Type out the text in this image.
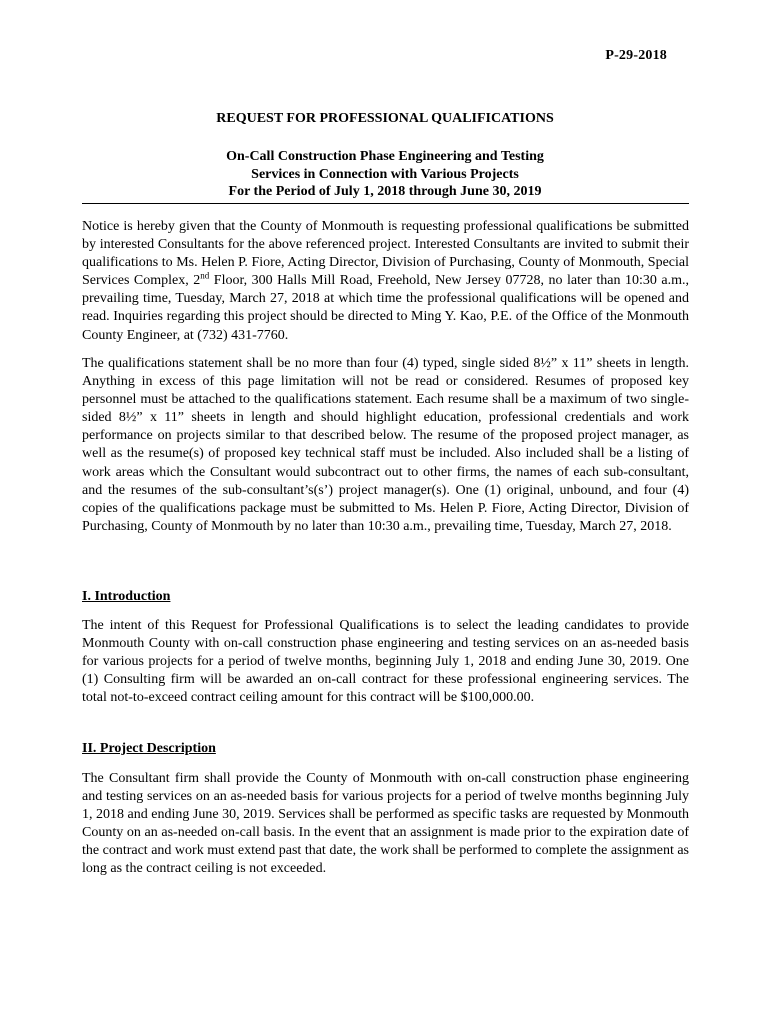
P-29-2018
REQUEST FOR PROFESSIONAL QUALIFICATIONS
On-Call Construction Phase Engineering and Testing
Services in Connection with Various Projects
For the Period of July 1, 2018 through June 30, 2019
Notice is hereby given that the County of Monmouth is requesting professional qualifications be submitted by interested Consultants for the above referenced project. Interested Consultants are invited to submit their qualifications to Ms. Helen P. Fiore, Acting Director, Division of Purchasing, County of Monmouth, Special Services Complex, 2nd Floor, 300 Halls Mill Road, Freehold, New Jersey 07728, no later than 10:30 a.m., prevailing time, Tuesday, March 27, 2018 at which time the professional qualifications will be opened and read. Inquiries regarding this project should be directed to Ming Y. Kao, P.E. of the Office of the Monmouth County Engineer, at (732) 431-7760.
The qualifications statement shall be no more than four (4) typed, single sided 8½” x 11” sheets in length. Anything in excess of this page limitation will not be read or considered. Resumes of proposed key personnel must be attached to the qualifications statement. Each resume shall be a maximum of two single-sided 8½” x 11” sheets in length and should highlight education, professional credentials and work performance on projects similar to that described below. The resume of the proposed project manager, as well as the resume(s) of proposed key technical staff must be included. Also included shall be a listing of work areas which the Consultant would subcontract out to other firms, the names of each sub-consultant, and the resumes of the sub-consultant’s(s’) project manager(s). One (1) original, unbound, and four (4) copies of the qualifications package must be submitted to Ms. Helen P. Fiore, Acting Director, Division of Purchasing, County of Monmouth by no later than 10:30 a.m., prevailing time, Tuesday, March 27, 2018.
I. Introduction
The intent of this Request for Professional Qualifications is to select the leading candidates to provide Monmouth County with on-call construction phase engineering and testing services on an as-needed basis for various projects for a period of twelve months, beginning July 1, 2018 and ending June 30, 2019. One (1) Consulting firm will be awarded an on-call contract for these professional engineering services. The total not-to-exceed contract ceiling amount for this contract will be $100,000.00.
II. Project Description
The Consultant firm shall provide the County of Monmouth with on-call construction phase engineering and testing services on an as-needed basis for various projects for a period of twelve months beginning July 1, 2018 and ending June 30, 2019. Services shall be performed as specific tasks are requested by Monmouth County on an as-needed on-call basis. In the event that an assignment is made prior to the expiration date of the contract and work must extend past that date, the work shall be performed to complete the assignment as long as the contract ceiling is not exceeded.
